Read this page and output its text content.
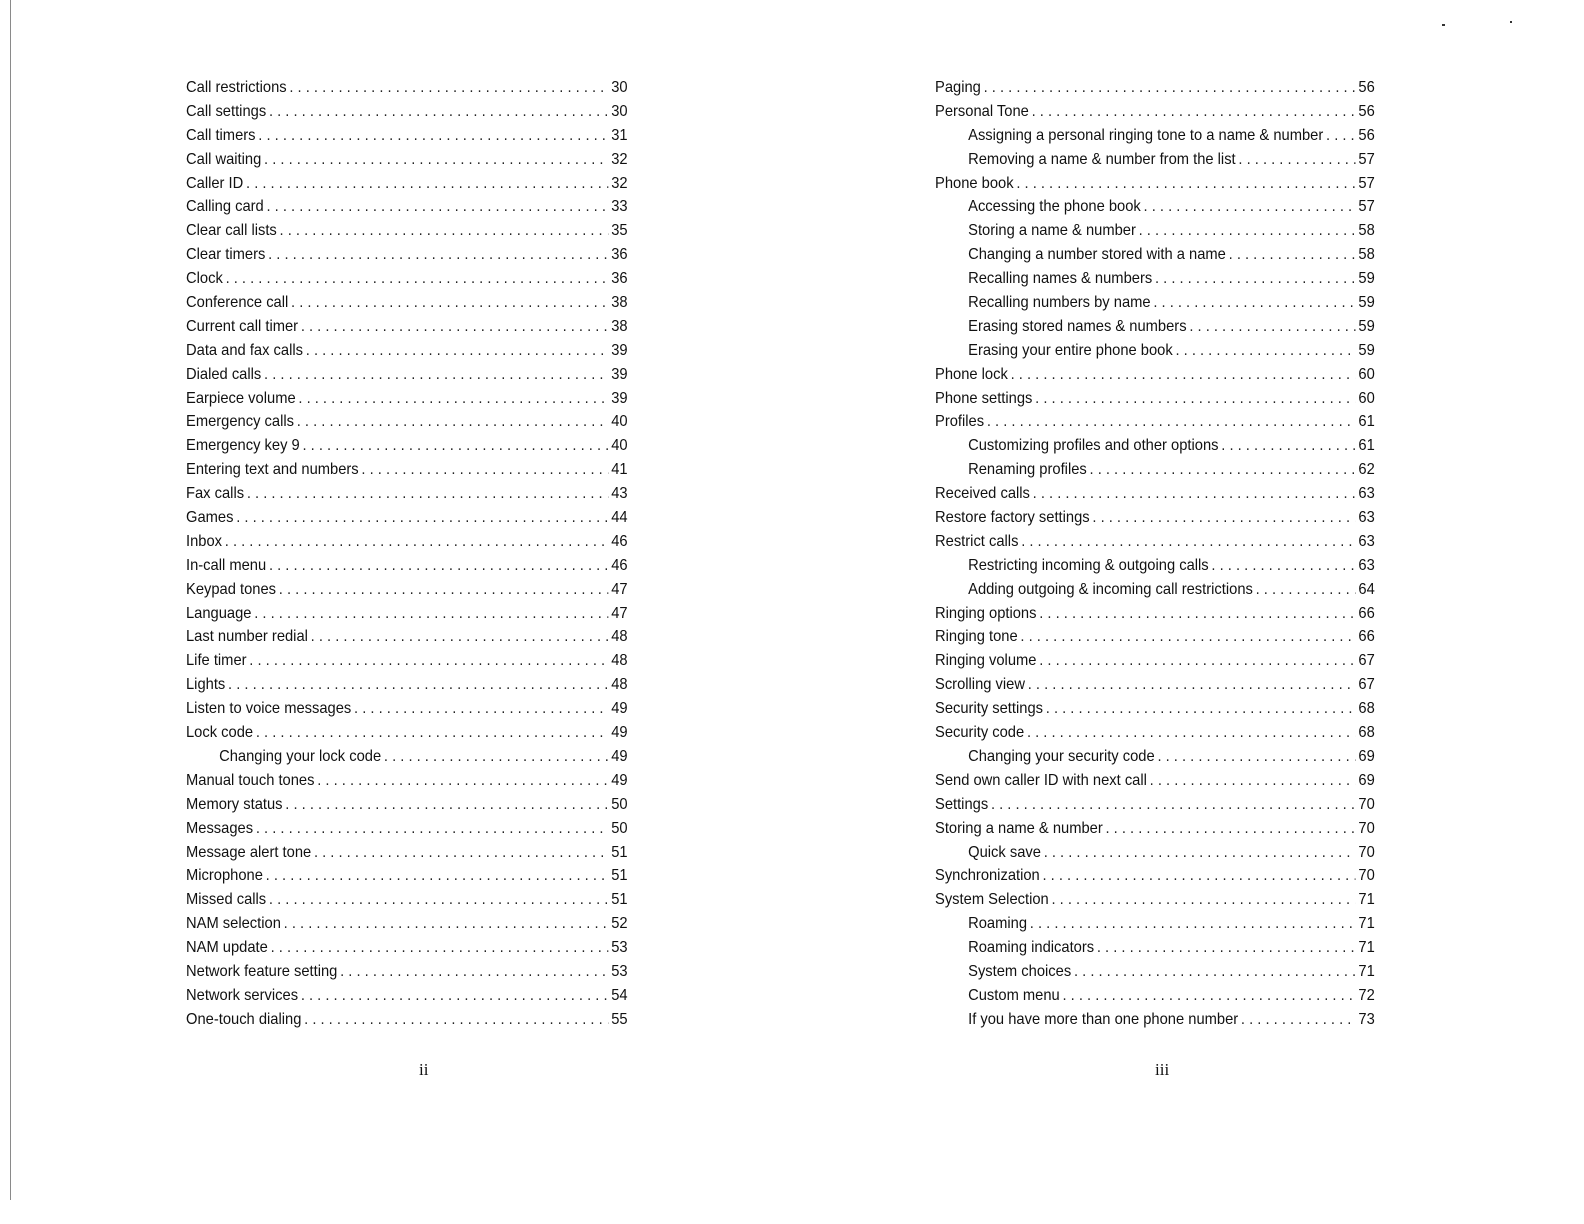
Call restrictions . . .	30
Call settings . . .	30
Call timers . . .	31
Call waiting . . .	32
Caller ID . . .	32
Calling card . . .	33
Clear call lists . . .	35
Clear timers . . .	36
Clock . . .	36
Conference call . . .	38
Current call timer . . .	38
Data and fax calls . . .	39
Dialed calls . . .	39
Earpiece volume . . .	39
Emergency calls . . .	40
Emergency key 9 . . .	40
Entering text and numbers . . .	41
Fax calls . . .	43
Games . . .	44
Inbox . . .	46
In-call menu . . .	46
Keypad tones . . .	47
Language . . .	47
Last number redial . . .	48
Life timer . . .	48
Lights . . .	48
Listen to voice messages . . .	49
Lock code . . .	49
Changing your lock code . . .	49
Manual touch tones . . .	49
Memory status . . .	50
Messages . . .	50
Message alert tone . . .	51
Microphone . . .	51
Missed calls . . .	51
NAM selection . . .	52
NAM update . . .	53
Network feature setting . . .	53
Network services . . .	54
One-touch dialing . . .	55
Paging . . .	56
Personal Tone . . .	56
Assigning a personal ringing tone to a name & number . . . 56
Removing a name & number from the list . . .	57
Phone book . . .	57
Accessing the phone book . . .	57
Storing a name & number . . .	58
Changing a number stored with a name . . .	58
Recalling names & numbers . . .	59
Recalling numbers by name . . .	59
Erasing stored names & numbers . . .	59
Erasing your entire phone book . . .	59
Phone lock . . .	60
Phone settings . . .	60
Profiles . . .	61
Customizing profiles and other options . . .	61
Renaming profiles . . .	62
Received calls . . .	63
Restore factory settings . . .	63
Restrict calls . . .	63
Restricting incoming & outgoing calls . . .	63
Adding outgoing & incoming call restrictions . . .	64
Ringing options . . .	66
Ringing tone . . .	66
Ringing volume . . .	67
Scrolling view . . .	67
Security settings . . .	68
Security code . . .	68
Changing your security code . . .	69
Send own caller ID with next call . . .	69
Settings . . .	70
Storing a name & number . . .	70
Quick save . . .	70
Synchronization . . .	70
System Selection . . .	71
Roaming . . .	71
Roaming indicators . . .	71
System choices . . .	71
Custom menu . . .	72
If you have more than one phone number . . .	73
ii	iii
